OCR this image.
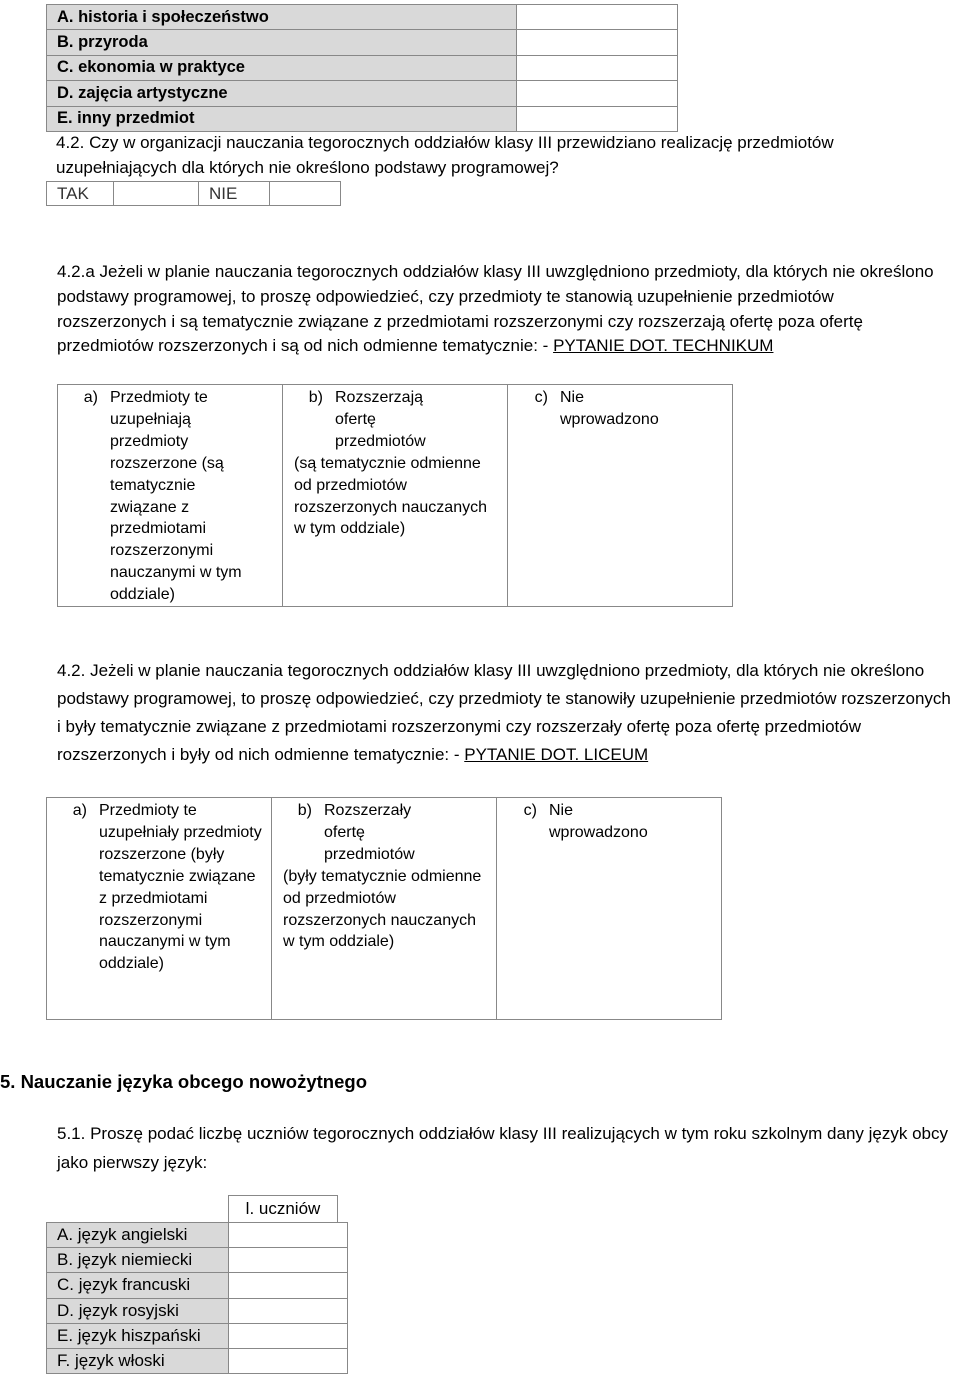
A. historia i społeczeństwo	
B. przyroda	
C. ekonomia w praktyce	
D. zajęcia artystyczne	
E. inny przedmiot	
4.2. Czy w organizacji nauczania tegorocznych oddziałów klasy III przewidziano realizację przedmiotów uzupełniających dla których nie określono podstawy programowej?
TAK		NIE	
4.2.a Jeżeli w planie nauczania tegorocznych oddziałów klasy III uwzględniono przedmioty, dla których nie określono podstawy programowej, to proszę odpowiedzieć, czy przedmioty te stanowią uzupełnienie przedmiotów rozszerzonych i są tematycznie związane z przedmiotami rozszerzonymi czy rozszerzają ofertę poza ofertę przedmiotów rozszerzonych i są od nich odmienne tematycznie: - PYTANIE DOT. TECHNIKUM
a) Przedmioty te uzupełniają przedmioty rozszerzone (są tematycznie związane z przedmiotami rozszerzonymi nauczanymi w tym oddziale)

b) Rozszerzają ofertę przedmiotów
(są tematycznie odmienne od przedmiotów rozszerzonych nauczanych w tym oddziale)

c) Nie wprowadzono
4.2. Jeżeli w planie nauczania tegorocznych oddziałów klasy III uwzględniono przedmioty, dla których nie określono podstawy programowej, to proszę odpowiedzieć, czy przedmioty te stanowiły uzupełnienie przedmiotów rozszerzonych i były tematycznie związane z przedmiotami rozszerzonymi czy rozszerzały ofertę poza ofertę przedmiotów rozszerzonych i były od nich odmienne tematycznie: - PYTANIE DOT. LICEUM
a) Przedmioty te uzupełniały przedmioty rozszerzone (były tematycznie związane z przedmiotami rozszerzonymi nauczanymi w tym oddziale)

b) Rozszerzały ofertę przedmiotów
(były tematycznie odmienne od przedmiotów rozszerzonych nauczanych w tym oddziale)

c) Nie wprowadzono
5. Nauczanie języka obcego nowożytnego
5.1. Proszę podać liczbę uczniów tegorocznych oddziałów klasy III realizujących w tym roku szkolnym dany język obcy jako pierwszy język:
l. uczniów
A. język angielski	
B. język niemiecki	
C. język francuski	
D. język rosyjski	
E. język hiszpański	
F. język włoski	
